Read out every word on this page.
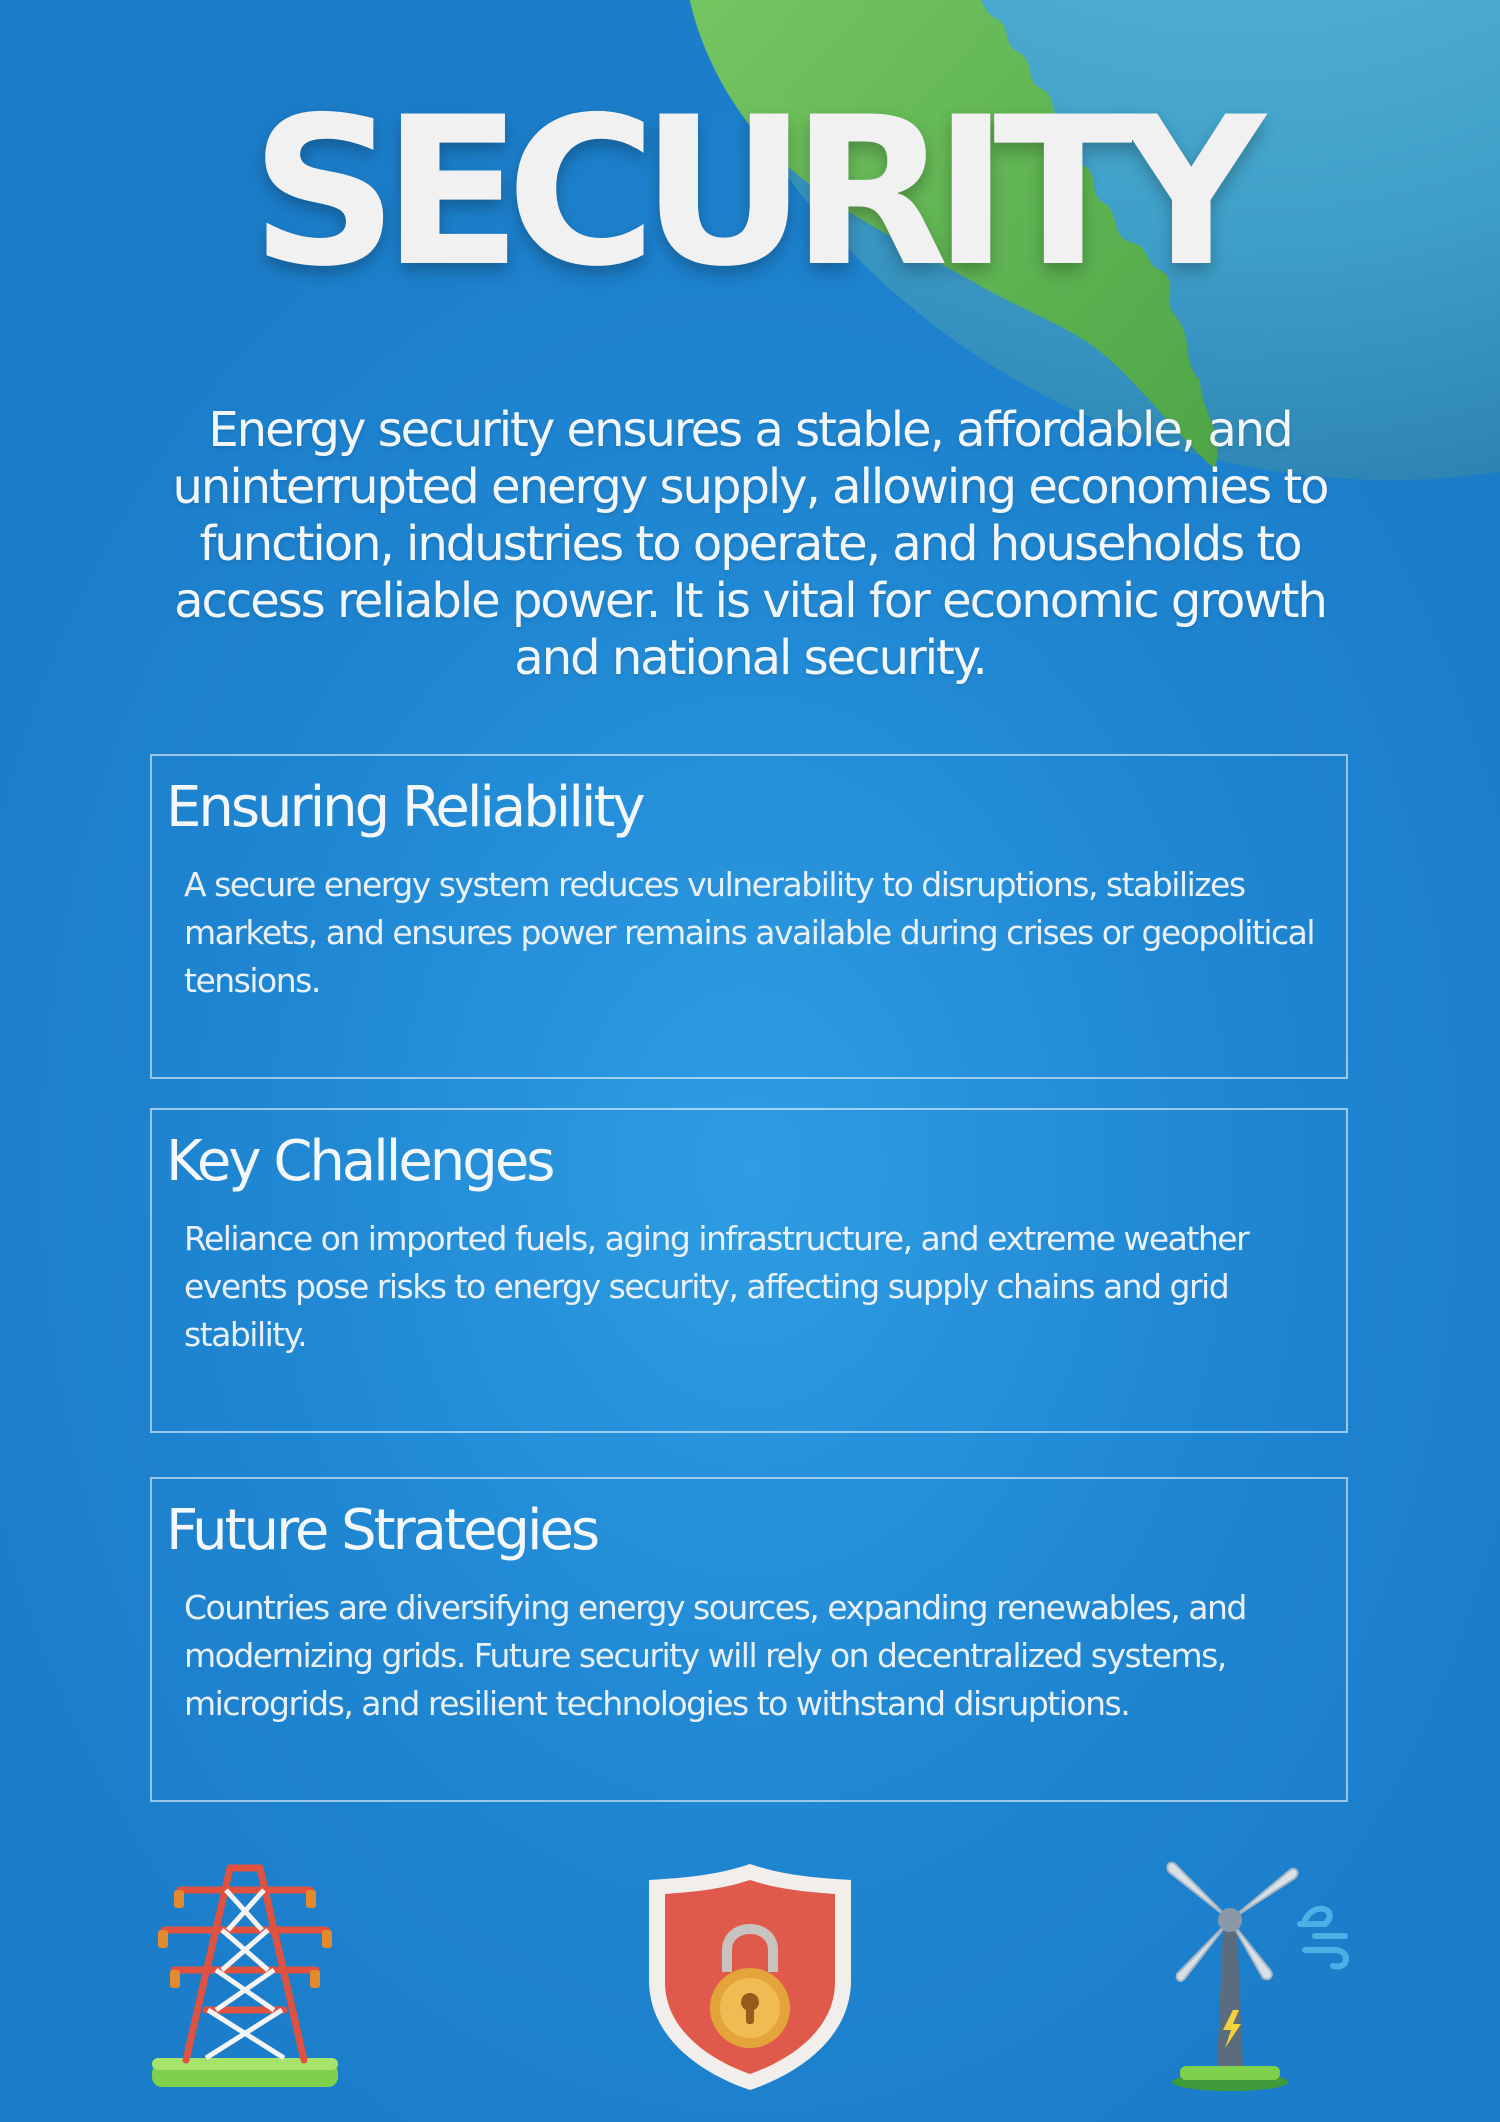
SECURITY
Energy security ensures a stable, affordable, and uninterrupted energy supply, allowing economies to function, industries to operate, and households to access reliable power. It is vital for economic growth and national security.
Ensuring Reliability
A secure energy system reduces vulnerability to disruptions, stabilizes markets, and ensures power remains available during crises or geopolitical tensions.
Key Challenges
Reliance on imported fuels, aging infrastructure, and extreme weather events pose risks to energy security, affecting supply chains and grid stability.
Future Strategies
Countries are diversifying energy sources, expanding renewables, and modernizing grids. Future security will rely on decentralized systems, microgrids, and resilient technologies to withstand disruptions.
